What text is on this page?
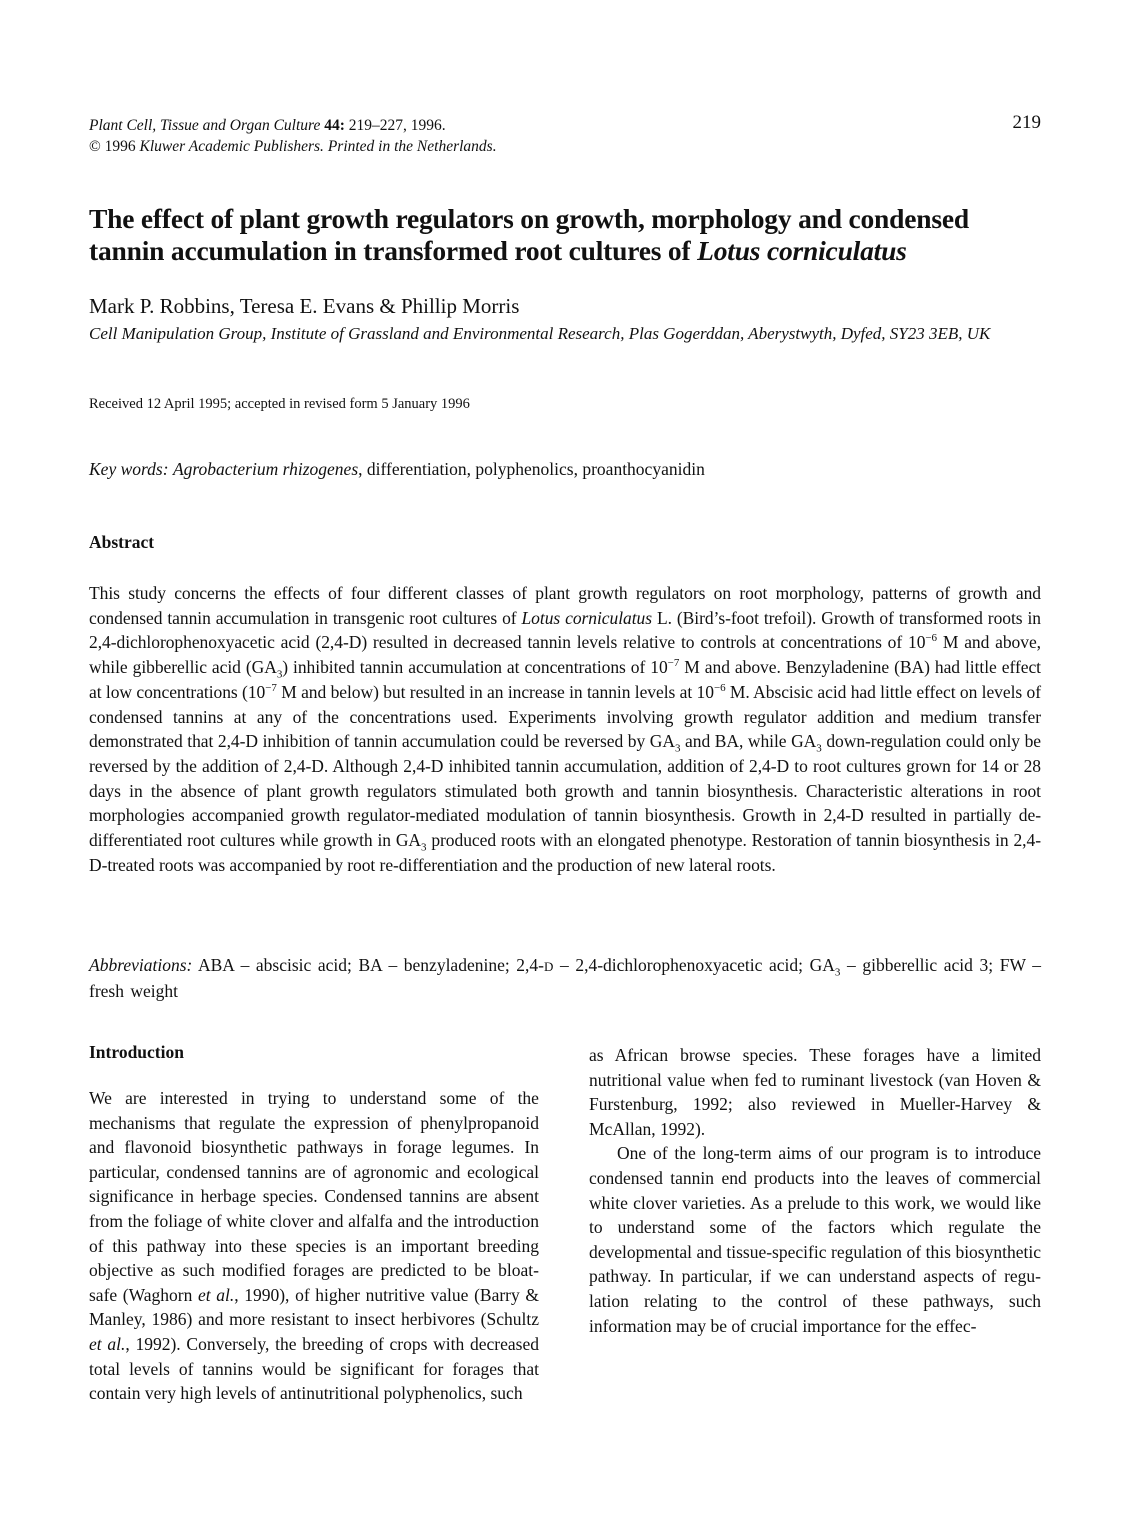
Plant Cell, Tissue and Organ Culture 44: 219–227, 1996.
© 1996 Kluwer Academic Publishers. Printed in the Netherlands.
219
The effect of plant growth regulators on growth, morphology and condensed tannin accumulation in transformed root cultures of Lotus corniculatus
Mark P. Robbins, Teresa E. Evans & Phillip Morris
Cell Manipulation Group, Institute of Grassland and Environmental Research, Plas Gogerddan, Aberystwyth, Dyfed, SY23 3EB, UK
Received 12 April 1995; accepted in revised form 5 January 1996
Key words: Agrobacterium rhizogenes, differentiation, polyphenolics, proanthocyanidin
Abstract

This study concerns the effects of four different classes of plant growth regulators on root morphology, patterns of growth and condensed tannin accumulation in transgenic root cultures of Lotus corniculatus L. (Bird’s-foot trefoil). Growth of transformed roots in 2,4-dichlorophenoxyacetic acid (2,4-D) resulted in decreased tannin levels relative to controls at concentrations of $10^{-6}$ M and above, while gibberellic acid $(GA_3)$ inhibited tannin accumulation at concentrations of $10^{-7}$ M and above. Benzyladenine (BA) had little effect at low concentrations ($10^{-7}$ M and below) but resulted in an increase in tannin levels at $10^{-6}$ M. Abscisic acid had little effect on levels of condensed tannins at any of the concentrations used. Experiments involving growth regulator addition and medium transfer demonstrated that 2,4-D inhibition of tannin accumulation could be reversed by $GA_3$ and BA, while $GA_3$ down-regulation could only be reversed by the addition of 2,4-D. Although 2,4-D inhibited tannin accumulation, addition of 2,4-D to root cultures grown for 14 or 28 days in the absence of plant growth regulators stimulated both growth and tannin biosynthesis. Characteristic alterations in root morphologies accompanied growth regulator-mediated modulation of tannin biosynthesis. Growth in 2,4-D resulted in partially de-differentiated root cultures while growth in $GA_3$ produced roots with an elongated phenotype. Restoration of tannin biosynthesis in 2,4-D-treated roots was accompanied by root re-differentiation and the production of new lateral roots.

Abbreviations: ABA – abscisic acid; BA – benzyladenine; 2,4-D – 2,4-dichlorophenoxyacetic acid; $GA_3$ – gibberellic acid 3; FW – fresh weight

Introduction

We are interested in trying to understand some of the mechanisms that regulate the expression of phenylpropanoid and flavonoid biosynthetic pathways in forage legumes. In particular, condensed tannins are of agronomic and ecological significance in herbage species. Condensed tannins are absent from the foliage of white clover and alfalfa and the introduction of this pathway into these species is an important breeding objective as such modified forages are predicted to be bloat-safe (Waghorn et al., 1990), of higher nutritive value (Barry & Manley, 1986) and more resistant to insect herbivores (Schultz et al., 1992). Conversely, the breeding of crops with decreased total levels of tannins would be significant for forages that contain very high levels of antinutritional polyphenolics, such

as African browse species. These forages have a limited nutritional value when fed to ruminant livestock (van Hoven & Furstenburg, 1992; also reviewed in Mueller-Harvey & McAllan, 1992).

One of the long-term aims of our program is to introduce condensed tannin end products into the leaves of commercial white clover varieties. As a prelude to this work, we would like to understand some of the factors which regulate the developmental and tissue-specific regulation of this biosynthetic pathway. In particular, if we can understand aspects of regulation relating to the control of these pathways, such information may be of crucial importance for the effec-
